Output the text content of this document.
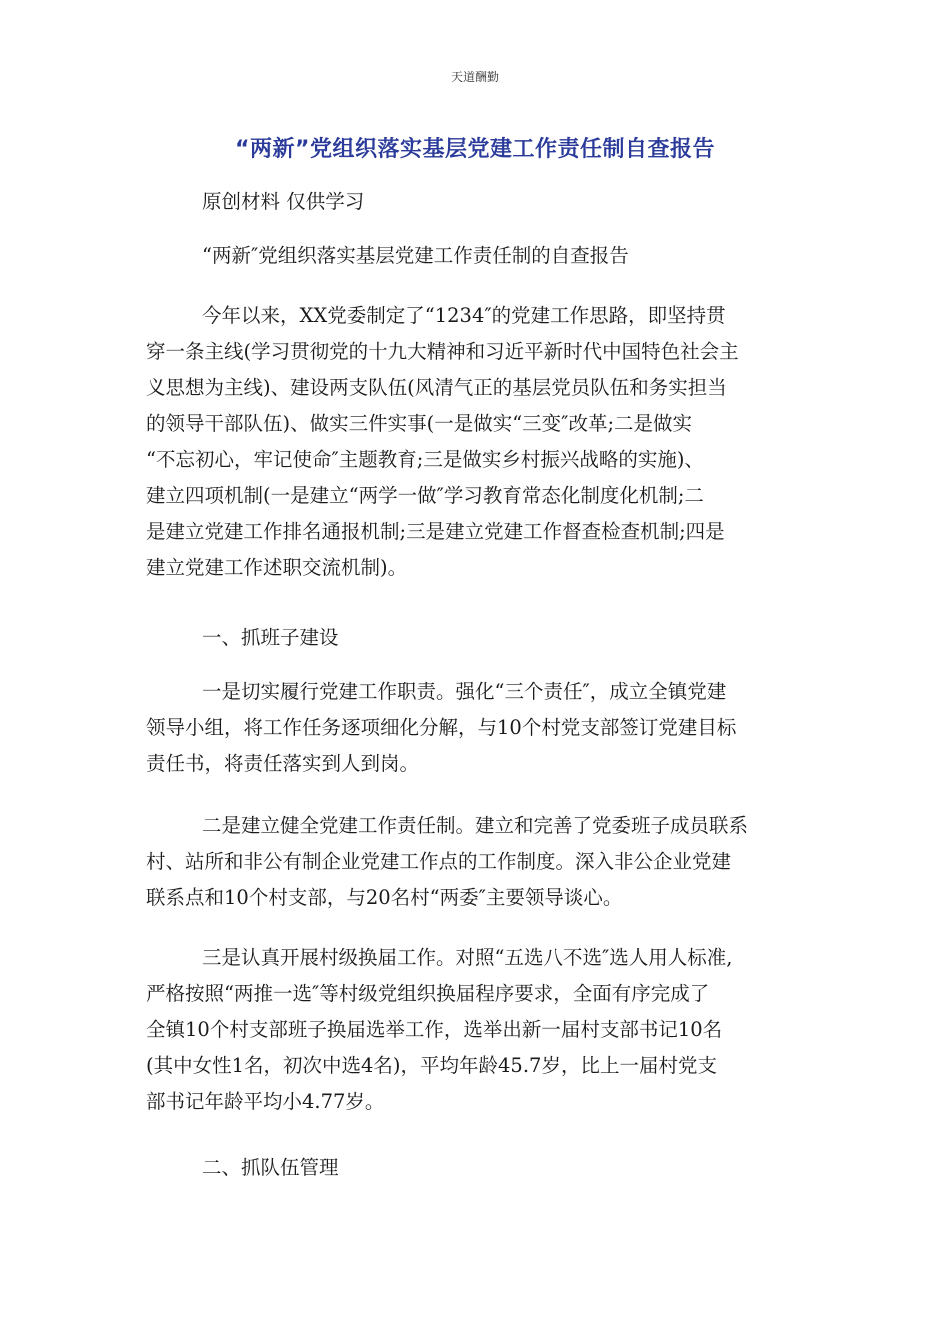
天道酬勤
“两新”党组织落实基层党建工作责任制自查报告
原创材料 仅供学习
“两新″党组织落实基层党建工作责任制的自查报告
今年以来，XX党委制定了“1234″的党建工作思路，即坚持贯
穿一条主线(学习贯彻党的十九大精神和习近平新时代中国特色社会主
义思想为主线)、建设两支队伍(风清气正的基层党员队伍和务实担当
的领导干部队伍)、做实三件实事(一是做实“三变″改革;二是做实
“不忘初心，牢记使命″主题教育;三是做实乡村振兴战略的实施)、
建立四项机制(一是建立“两学一做″学习教育常态化制度化机制;二
是建立党建工作排名通报机制;三是建立党建工作督查检查机制;四是
建立党建工作述职交流机制)。
一、抓班子建设
一是切实履行党建工作职责。强化“三个责任″，成立全镇党建
领导小组，将工作任务逐项细化分解，与10个村党支部签订党建目标
责任书，将责任落实到人到岗。
二是建立健全党建工作责任制。建立和完善了党委班子成员联系
村、站所和非公有制企业党建工作点的工作制度。深入非公企业党建
联系点和10个村支部，与20名村“两委″主要领导谈心。
三是认真开展村级换届工作。对照“五选八不选″选人用人标准,
严格按照“两推一选″等村级党组织换届程序要求，全面有序完成了
全镇10个村支部班子换届选举工作，选举出新一届村支部书记10名
(其中女性1名，初次中选4名)，平均年龄45.7岁，比上一届村党支
部书记年龄平均小4.77岁。
二、抓队伍管理
